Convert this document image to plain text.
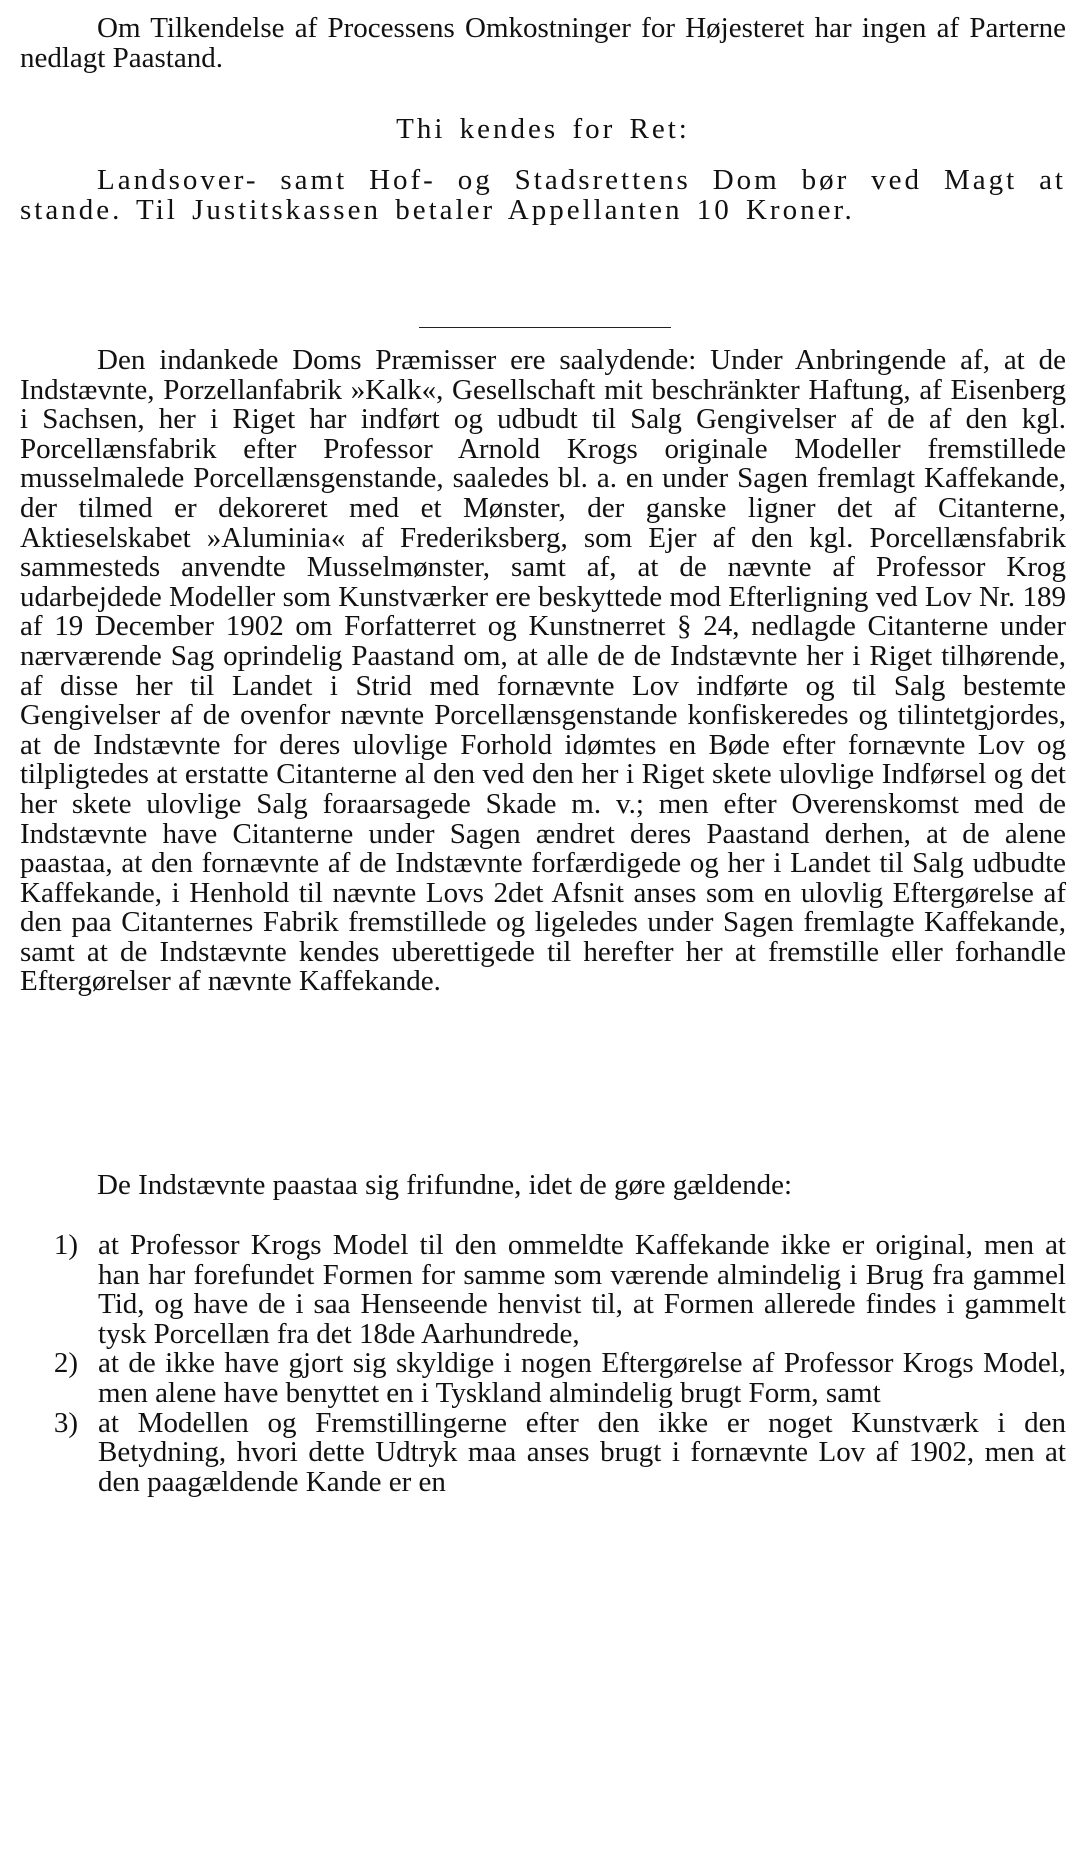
Om Tilkendelse af Processens Omkostninger for Højesteret har ingen af Parterne nedlagt Paastand.

Thi kendes for Ret:

Landsover- samt Hof- og Stadsrettens Dom bør ved Magt at stande. Til Justitskassen betaler Appellanten 10 Kroner.

Den indankede Doms Præmisser ere saalydende: Under Anbringende af, at de Indstævnte, Porzellanfabrik »Kalk«, Gesellschaft mit beschränkter Haftung, af Eisenberg i Sachsen, her i Riget har indført og udbudt til Salg Gengivelser af de af den kgl. Porcellænsfabrik efter Professor Arnold Krogs originale Modeller fremstillede musselmalede Porcellænsgenstande, saaledes bl. a. en under Sagen fremlagt Kaffekande, der tilmed er dekoreret med et Mønster, der ganske ligner det af Citanterne, Aktieselskabet »Aluminia« af Frederiksberg, som Ejer af den kgl. Porcellænsfabrik sammesteds anvendte Musselmønster, samt af, at de nævnte af Professor Krog udarbejdede Modeller som Kunstværker ere beskyttede mod Efterligning ved Lov Nr. 189 af 19 December 1902 om Forfatterret og Kunstnerret § 24, nedlagde Citanterne under nærværende Sag oprindelig Paastand om, at alle de de Indstævnte her i Riget tilhørende, af disse her til Landet i Strid med fornævnte Lov indførte og til Salg bestemte Gengivelser af de ovenfor nævnte Porcellænsgenstande konfiskeredes og tilintetgjordes, at de Indstævnte for deres ulovlige Forhold idømtes en Bøde efter fornævnte Lov og tilpligtedes at erstatte Citanterne al den ved den her i Riget skete ulovlige Indførsel og det her skete ulovlige Salg foraarsagede Skade m. v.; men efter Overenskomst med de Indstævnte have Citanterne under Sagen ændret deres Paastand derhen, at de alene paastaa, at den fornævnte af de Indstævnte forfærdigede og her i Landet til Salg udbudte Kaffekande, i Henhold til nævnte Lovs 2det Afsnit anses som en ulovlig Eftergørelse af den paa Citanternes Fabrik fremstillede og ligeledes under Sagen fremlagte Kaffekande, samt at de Indstævnte kendes uberettigede til herefter her at fremstille eller forhandle Eftergørelser af nævnte Kaffekande.

De Indstævnte paastaa sig frifundne, idet de gøre gældende:

1) at Professor Krogs Model til den ommeldte Kaffekande ikke er original, men at han har forefundet Formen for samme som værende almindelig i Brug fra gammel Tid, og have de i saa Henseende henvist til, at Formen allerede findes i gammelt tysk Porcellæn fra det 18de Aarhundrede,

2) at de ikke have gjort sig skyldige i nogen Eftergørelse af Professor Krogs Model, men alene have benyttet en i Tyskland almindelig brugt Form, samt

3) at Modellen og Fremstillingerne efter den ikke er noget Kunstværk i den Betydning, hvori dette Udtryk maa anses brugt i fornævnte Lov af 1902, men at den paagældende Kande er en
